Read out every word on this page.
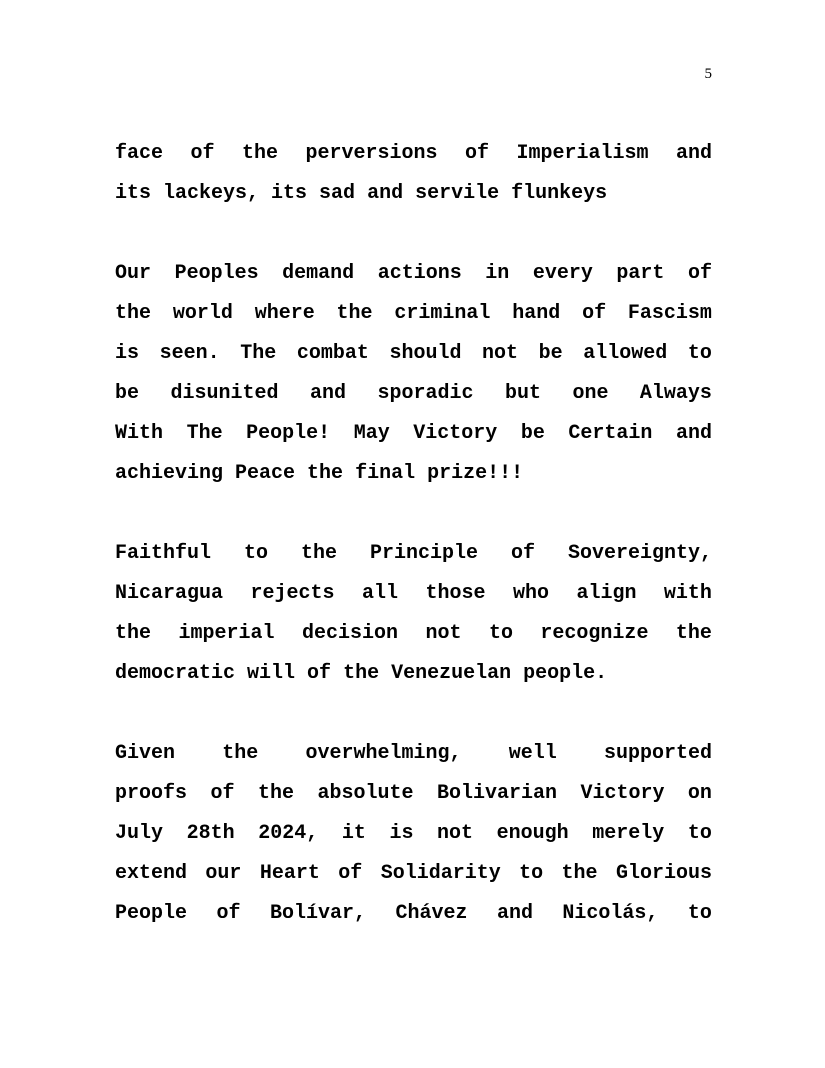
5
face of the perversions of Imperialism and
its lackeys, its sad and servile flunkeys
Our Peoples demand actions in every part of
the world where the criminal hand of Fascism
is seen. The combat should not be allowed to
be disunited and sporadic but one Always
With The People! May Victory be Certain and
achieving Peace the final prize!!!
Faithful to the Principle of Sovereignty,
Nicaragua rejects all those who align with
the imperial decision not to recognize the
democratic will of the Venezuelan people.
Given the overwhelming, well supported
proofs of the absolute Bolivarian Victory on
July 28th 2024, it is not enough merely to
extend our Heart of Solidarity to the Glorious
People of Bolívar, Chávez and Nicolás, to
